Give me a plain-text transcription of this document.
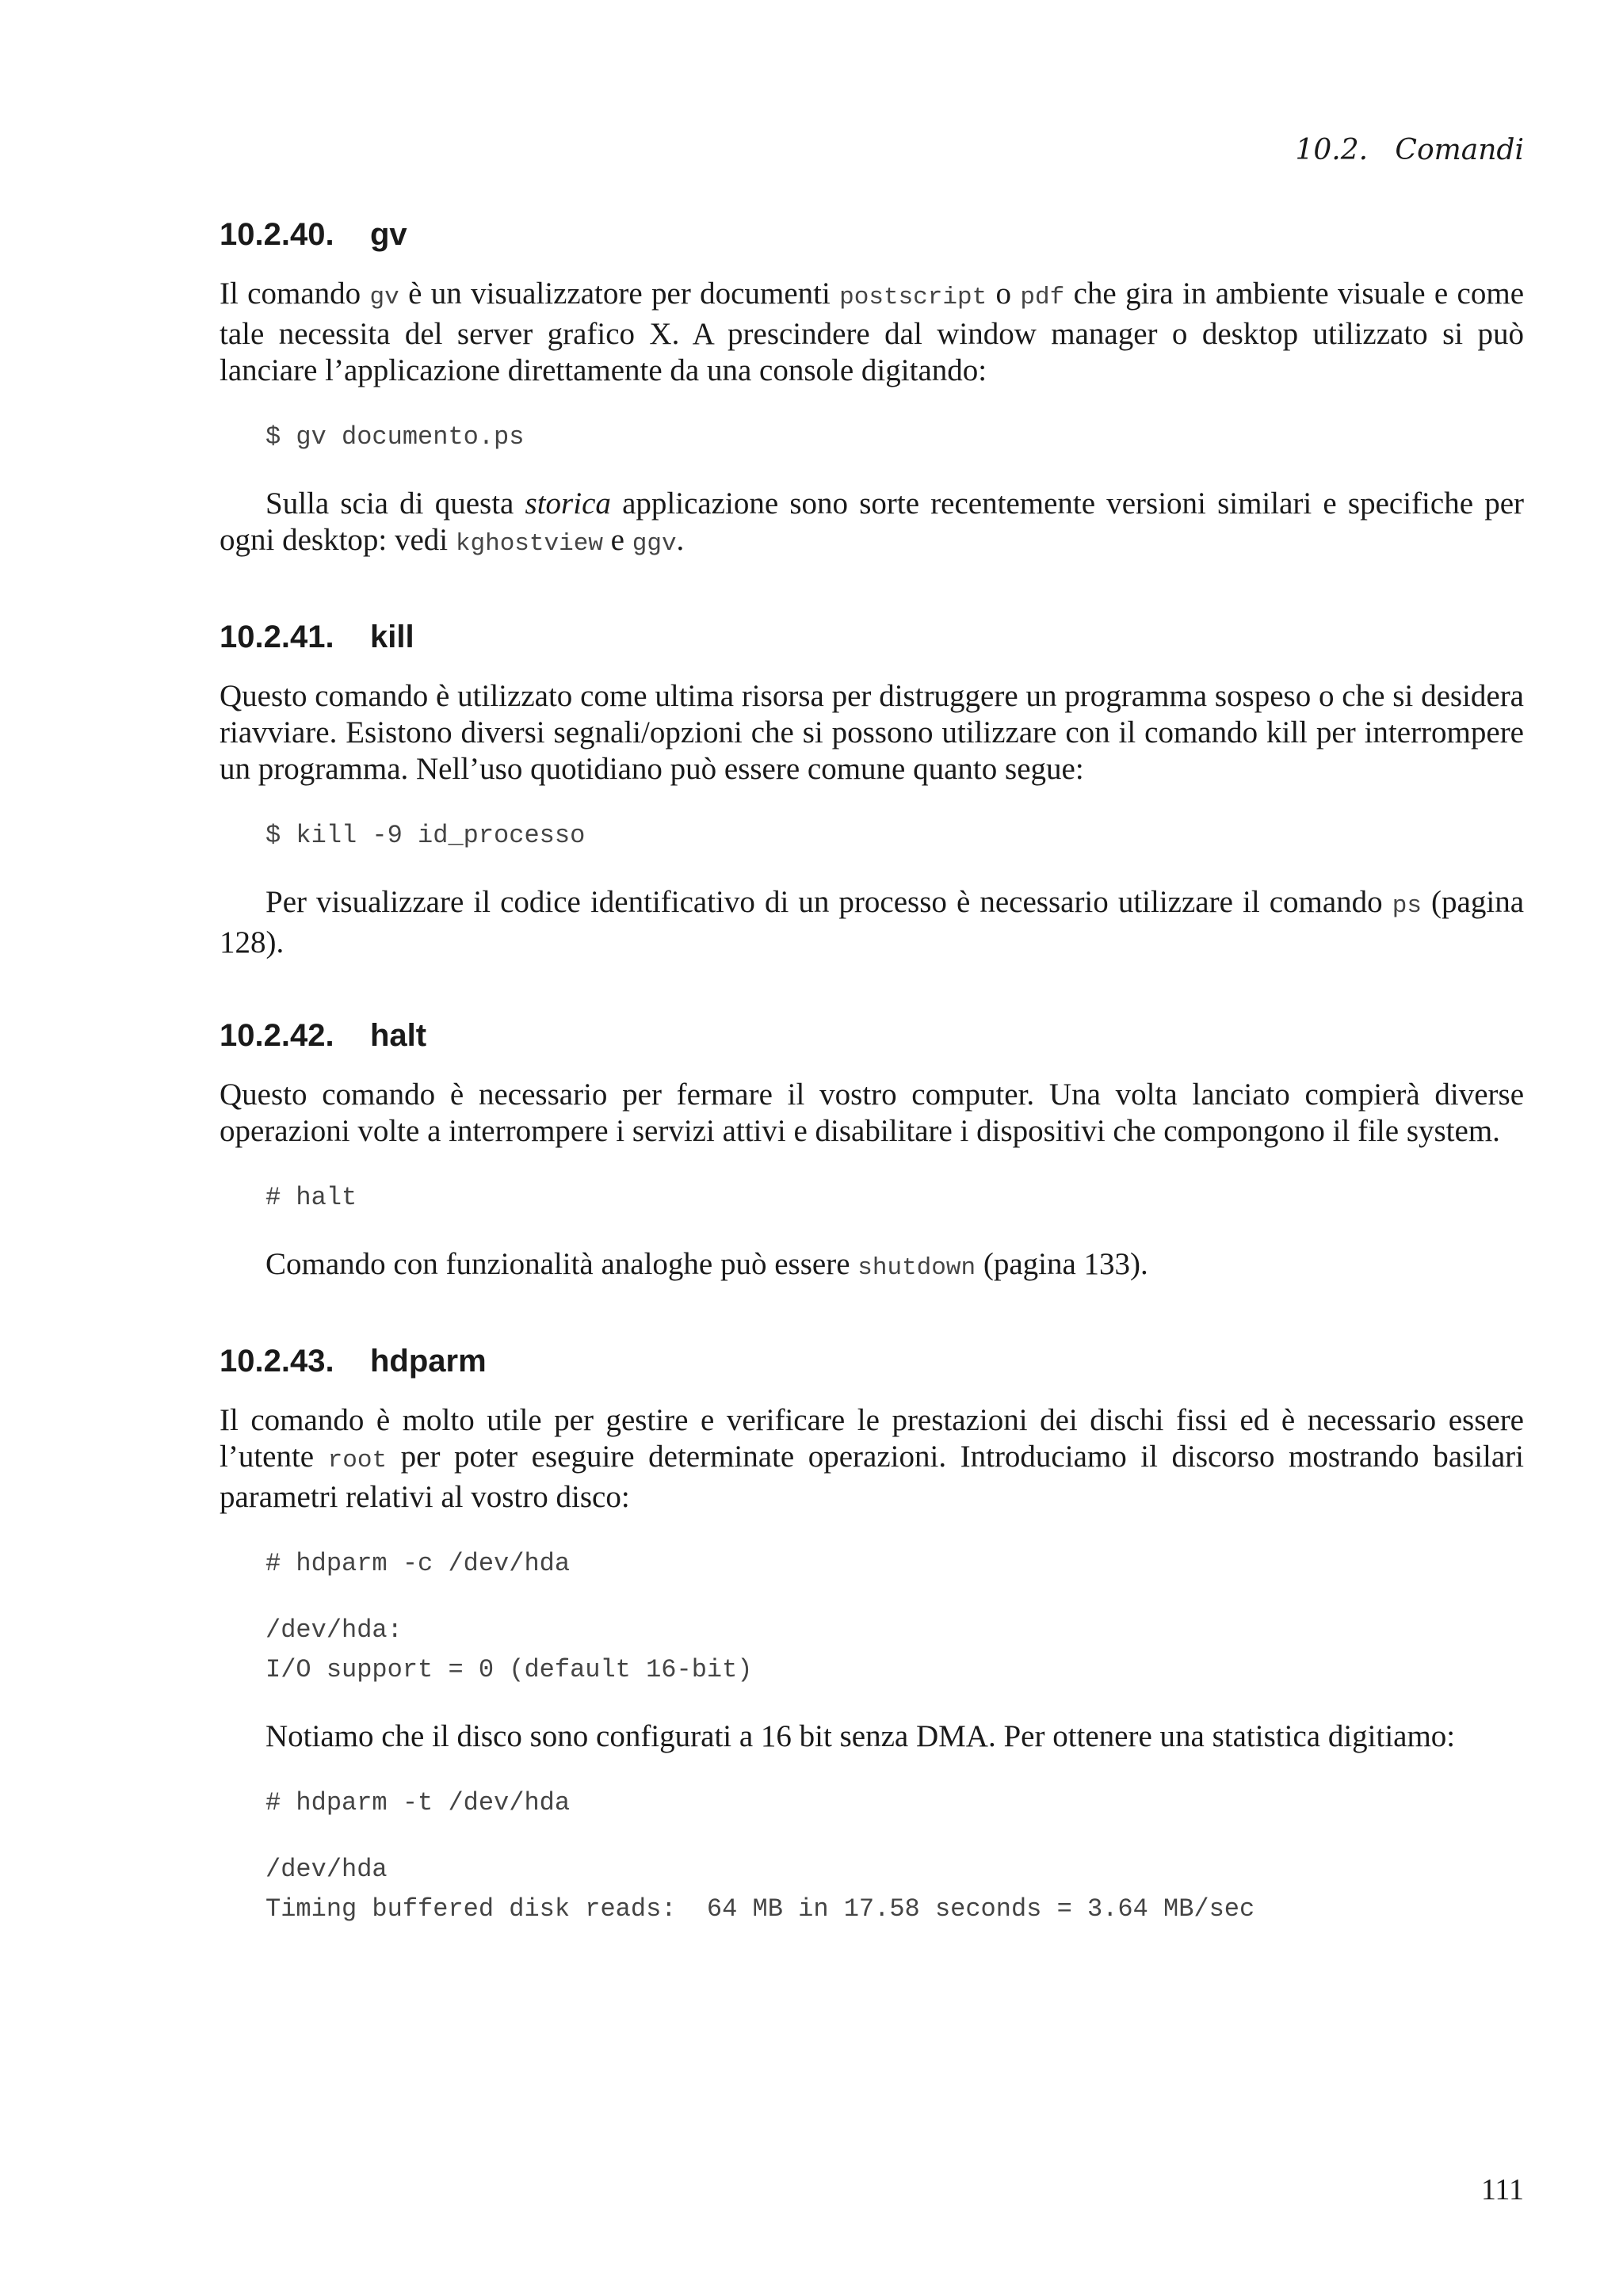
10.2.   Comandi
10.2.40. gv

Il comando gv è un visualizzatore per documenti postscript o pdf che gira in ambiente visuale e come tale necessita del server grafico X. A prescindere dal window manager o desktop utilizzato si può lanciare l’applicazione direttamente da una console digitando:

$ gv documento.ps

Sulla scia di questa storica applicazione sono sorte recentemente versioni similari e specifiche per ogni desktop: vedi kghostview e ggv.

10.2.41. kill

Questo comando è utilizzato come ultima risorsa per distruggere un programma sospeso o che si desidera riavviare. Esistono diversi segnali/opzioni che si possono utilizzare con il comando kill per interrompere un programma. Nell’uso quotidiano può essere comune quanto segue:

$ kill -9 id_processo

Per visualizzare il codice identificativo di un processo è necessario utilizzare il comando ps (pagina 128).

10.2.42. halt

Questo comando è necessario per fermare il vostro computer. Una volta lanciato compierà diverse operazioni volte a interrompere i servizi attivi e disabilitare i dispositivi che compongono il file system.

# halt

Comando con funzionalità analoghe può essere shutdown (pagina 133).

10.2.43. hdparm

Il comando è molto utile per gestire e verificare le prestazioni dei dischi fissi ed è necessario essere l’utente root per poter eseguire determinate operazioni. Introduciamo il discorso mostrando basilari parametri relativi al vostro disco:

# hdparm -c /dev/hda
/dev/hda:
I/O support = 0 (default 16-bit)

Notiamo che il disco sono configurati a 16 bit senza DMA. Per ottenere una statistica digitiamo:

# hdparm -t /dev/hda
/dev/hda
Timing buffered disk reads:  64 MB in 17.58 seconds = 3.64 MB/sec
111
